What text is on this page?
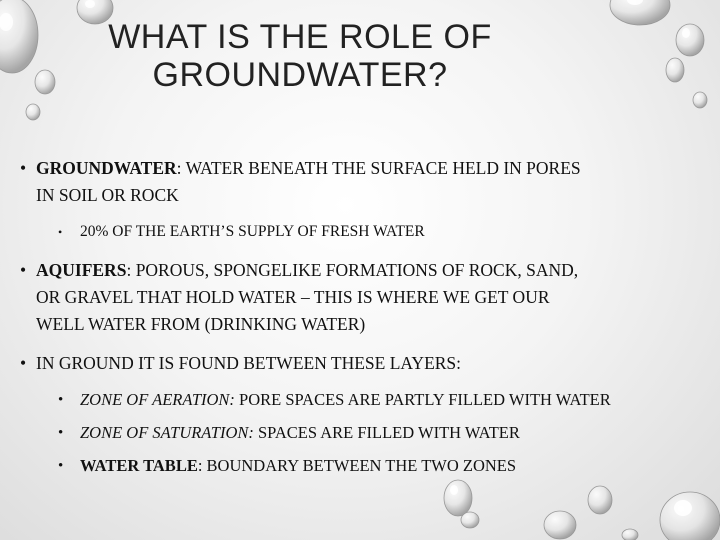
WHAT IS THE ROLE OF
GROUNDWATER?
• GROUNDWATER: WATER BENEATH THE SURFACE HELD IN PORES
IN SOIL OR ROCK
• 20% OF THE EARTH’S SUPPLY OF FRESH WATER
• AQUIFERS: POROUS, SPONGELIKE FORMATIONS OF ROCK, SAND,
OR GRAVEL THAT HOLD WATER – THIS IS WHERE WE GET OUR
WELL WATER FROM (DRINKING WATER)
• IN GROUND IT IS FOUND BETWEEN THESE LAYERS:
• ZONE OF AERATION: PORE SPACES ARE PARTLY FILLED WITH WATER
• ZONE OF SATURATION: SPACES ARE FILLED WITH WATER
• WATER TABLE: BOUNDARY BETWEEN THE TWO ZONES
